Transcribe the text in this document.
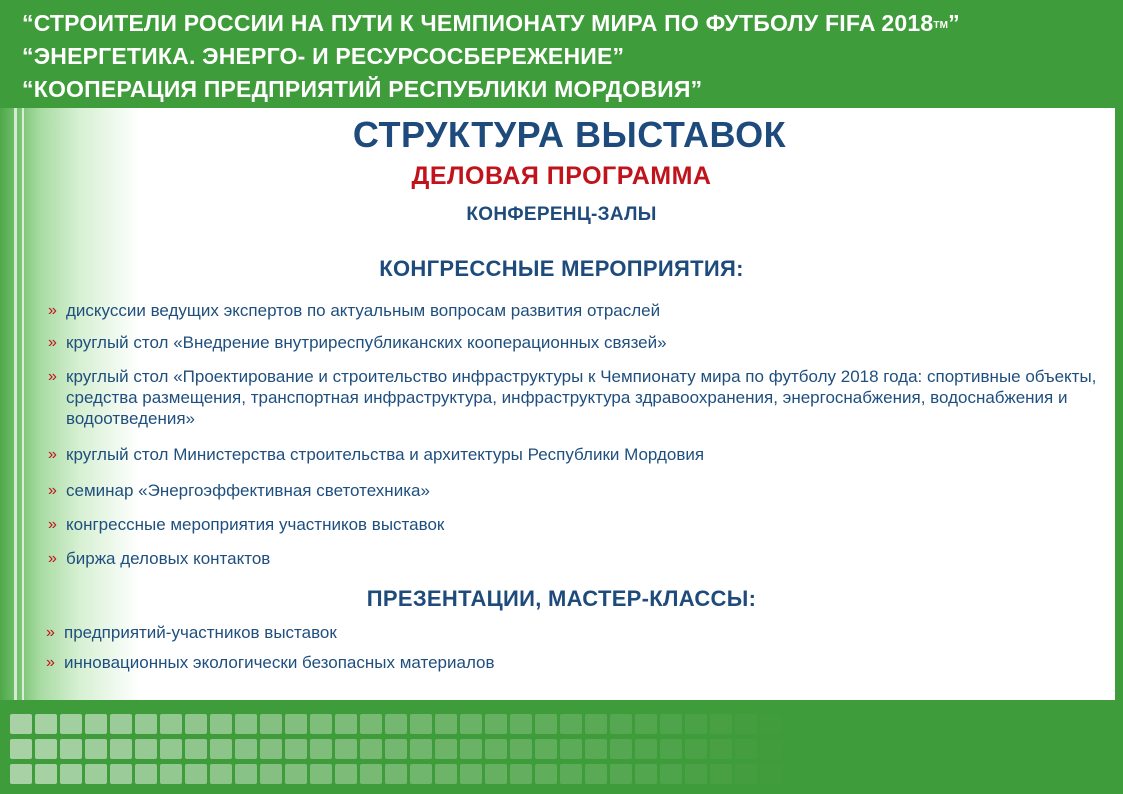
“СТРОИТЕЛИ РОССИИ НА ПУТИ К ЧЕМПИОНАТУ МИРА ПО ФУТБОЛУ FIFA 2018™”
“ЭНЕРГЕТИКА. ЭНЕРГО- И РЕСУРСОСБЕРЕЖЕНИЕ”
“КООПЕРАЦИЯ ПРЕДПРИЯТИЙ РЕСПУБЛИКИ МОРДОВИЯ”
СТРУКТУРА ВЫСТАВОК
ДЕЛОВАЯ ПРОГРАММА
КОНФЕРЕНЦ-ЗАЛЫ
КОНГРЕССНЫЕ МЕРОПРИЯТИЯ:
» дискуссии ведущих экспертов по актуальным вопросам развития отраслей
» круглый стол «Внедрение внутриреспубликанских кооперационных связей»
» круглый стол «Проектирование и строительство инфраструктуры к Чемпионату мира по футболу 2018 года: спортивные объекты, средства размещения, транспортная инфраструктура, инфраструктура здравоохранения, энергоснабжения, водоснабжения и водоотведения»
» круглый стол Министерства строительства и архитектуры Республики Мордовия
» семинар «Энергоэффективная светотехника»
» конгрессные мероприятия участников выставок
» биржа деловых контактов
ПРЕЗЕНТАЦИИ, МАСТЕР-КЛАССЫ:
» предприятий-участников выставок
» инновационных экологически безопасных материалов
